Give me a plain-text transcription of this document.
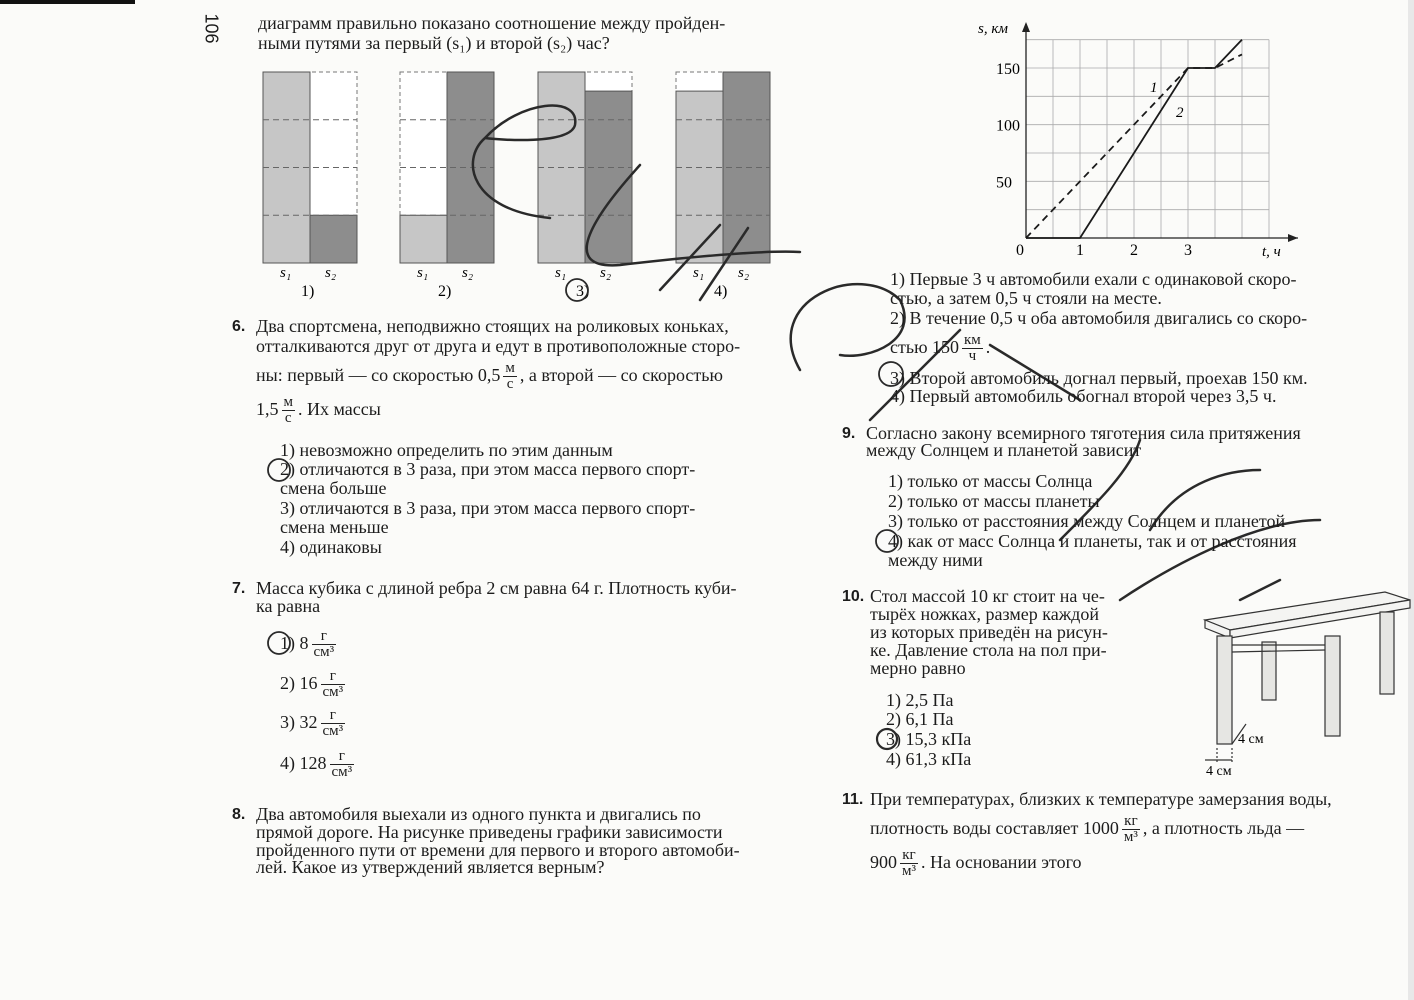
s₁ s₂
1)
s₁ s₂
2)
s₁ s₂
3)
s₁ s₂
4)
s, км
t, ч
0	1	2	3
50
100
150
1
2
4 см
4 см
106 диаграмм правильно показано соотношение между пройден-
ными путями за первый (s₁) и второй (s₂) час?
6. Два спортсмена, неподвижно стоящих на роликовых коньках,
отталкиваются друг от друга и едут в противоположные сторо-
ны: первый — со скоростью $0,5 \frac{м}{с}$ , а второй — со скоростью
$1,5 \frac{м}{с}$ . Их массы
1) невозможно определить по этим данным
2) отличаются в 3 раза, при этом масса первого спорт-
смена больше
3) отличаются в 3 раза, при этом масса первого спорт-
смена меньше
4) одинаковы
7. Масса кубика с длиной ребра 2 см равна 64 г. Плотность куби-
ка равна
1) $8 \frac{г}{\text{см³}}$
2) $16 \frac{г}{\text{см³}}$
3) $32 \frac{г}{\text{см³}}$
4) $128 \frac{г}{\text{см³}}$
8. Два автомобиля выехали из одного пункта и двигались по
прямой дороге. На рисунке приведены графики зависимости
пройденного пути от времени для первого и второго автомоби-
лей. Какое из утверждений является верным?
1) Первые 3 ч автомобили ехали с одинаковой скоро-
стью, а затем 0,5 ч стояли на месте.
2) В течение 0,5 ч оба автомобиля двигались со скоро-
стью $150 \frac{км}{ч}$ .
3) Второй автомобиль догнал первый, проехав 150 км.
4) Первый автомобиль обогнал второй через 3,5 ч.
9. Согласно закону всемирного тяготения сила притяжения
между Солнцем и планетой зависит
1) только от массы Солнца
2) только от массы планеты
3) только от расстояния между Солнцем и планетой
4) как от масс Солнца и планеты, так и от расстояния
между ними
10. Стол массой 10 кг стоит на че-
тырёх ножках, размер каждой
из которых приведён на рисун-
ке. Давление стола на пол при-
мерно равно
1) 2,5 Па
2) 6,1 Па
3) 15,3 кПа
4) 61,3 кПа
11. При температурах, близких к температуре замерзания воды,
плотность воды составляет $1000 \frac{кг}{\text{м³}}$ , а плотность льда —
$900 \frac{кг}{\text{м³}}$ . На основании этого
